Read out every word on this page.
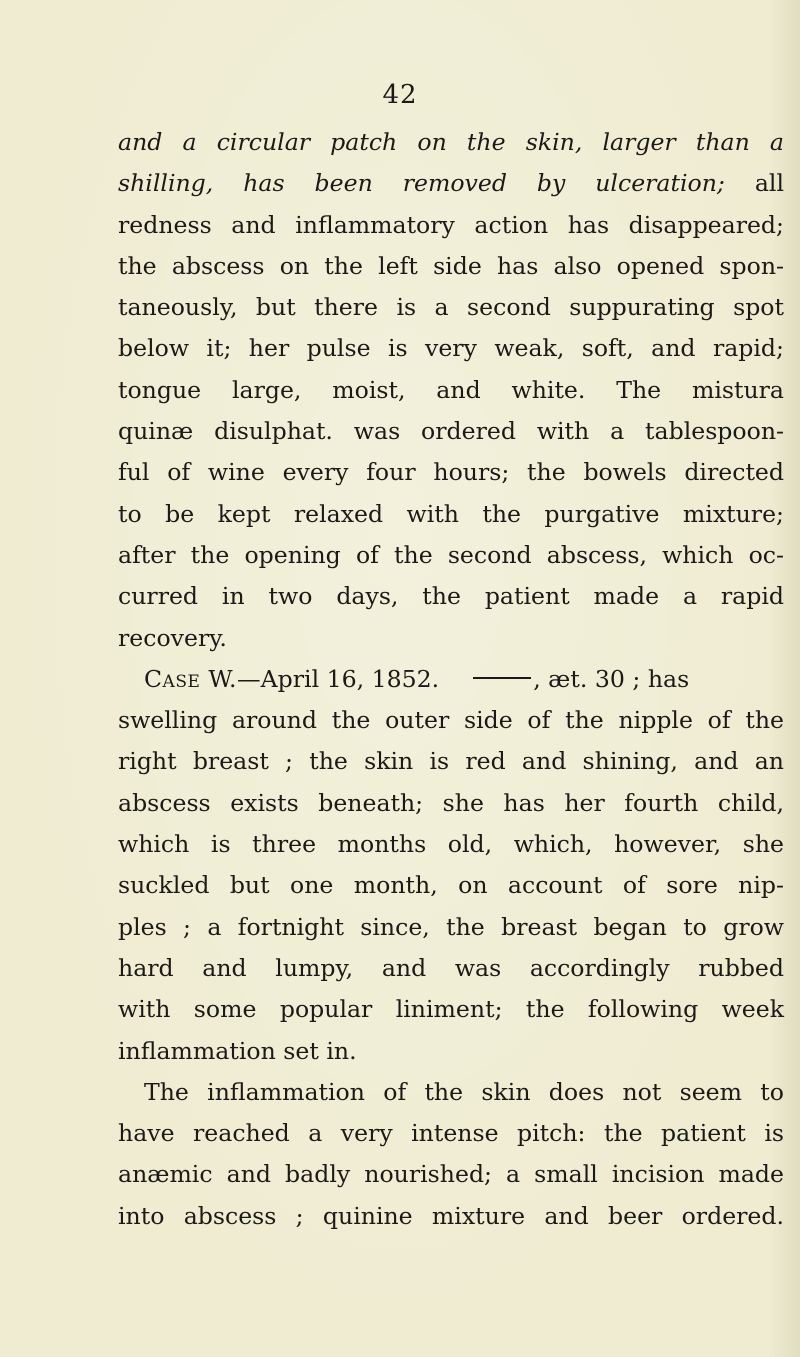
42
and a circular patch on the skin, larger than a
shilling, has been removed by ulceration; all
redness and inflammatory action has disappeared;
the abscess on the left side has also opened spon-
taneously, but there is a second suppurating spot
below it; her pulse is very weak, soft, and rapid;
tongue large, moist, and white. The mistura
quinæ disulphat. was ordered with a tablespoon-
ful of wine every four hours; the bowels directed
to be kept relaxed with the purgative mixture;
after the opening of the second abscess, which oc-
curred in two days, the patient made a rapid
recovery.
Case W.—April 16, 1852.	, æt. 30 ; has
swelling around the outer side of the nipple of the
right breast ; the skin is red and shining, and an
abscess exists beneath; she has her fourth child,
which is three months old, which, however, she
suckled but one month, on account of sore nip-
ples ; a fortnight since, the breast began to grow
hard and lumpy, and was accordingly rubbed
with some popular liniment; the following week
inflammation set in.
The inflammation of the skin does not seem to
have reached a very intense pitch: the patient is
anæmic and badly nourished; a small incision made
into abscess ; quinine mixture and beer ordered.
